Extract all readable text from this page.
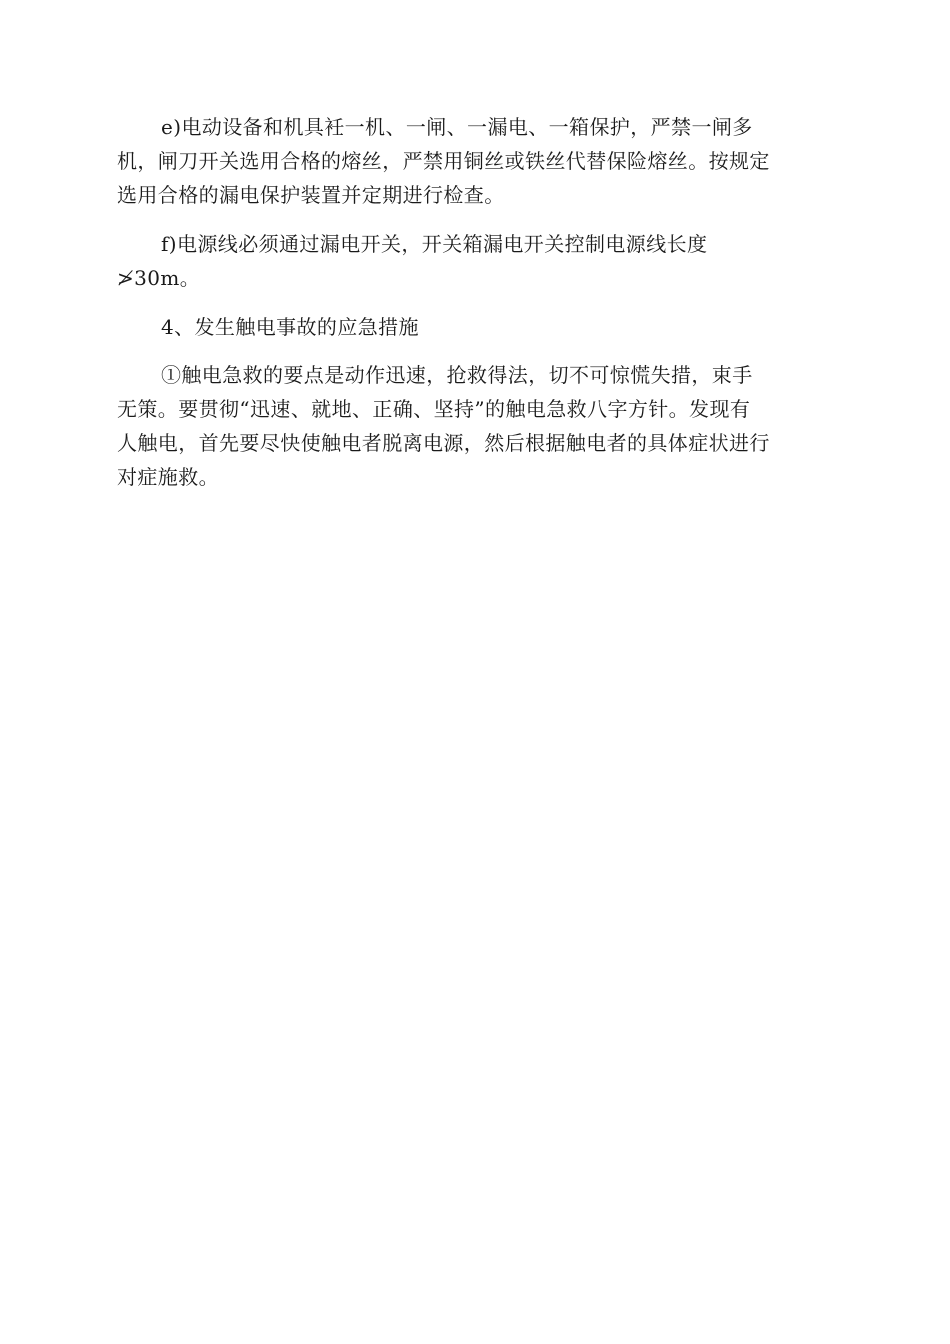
e)电动设备和机具衽一机、一闸、一漏电、一箱保护，严禁一闸多
机，闸刀开关选用合格的熔丝，严禁用铜丝或铁丝代替保险熔丝。按规定
选用合格的漏电保护装置并定期进行检查。

f)电源线必须通过漏电开关，开关箱漏电开关控制电源线长度
≯30m。

4、发生触电事故的应急措施

①触电急救的要点是动作迅速，抢救得法，切不可惊慌失措，束手
无策。要贯彻“迅速、就地、正确、坚持”的触电急救八字方针。发现有
人触电，首先要尽快使触电者脱离电源，然后根据触电者的具体症状进行
对症施救。
